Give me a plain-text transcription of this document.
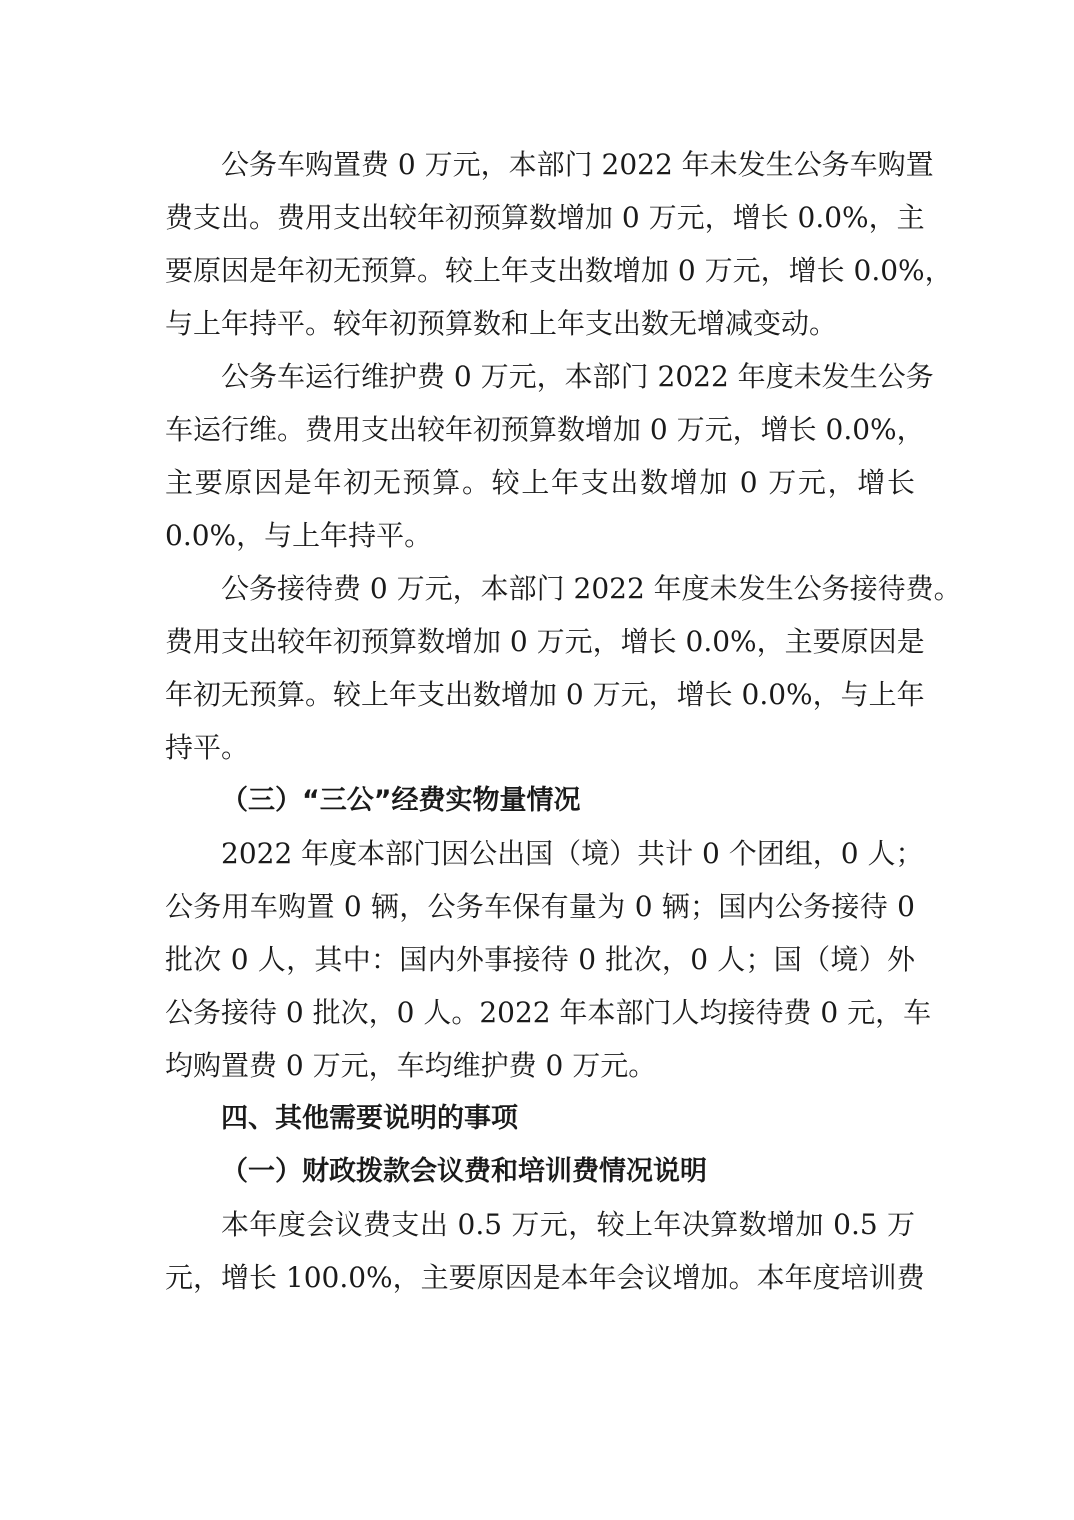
公务车购置费 0 万元，本部门 2022 年未发生公务车购置
费支出。费用支出较年初预算数增加 0 万元，增长 0.0%，主
要原因是年初无预算。较上年支出数增加 0 万元，增长 0.0%，
与上年持平。较年初预算数和上年支出数无增减变动。
公务车运行维护费 0 万元，本部门 2022 年度未发生公务
车运行维。费用支出较年初预算数增加 0 万元，增长 0.0%，
主要原因是年初无预算。较上年支出数增加 0 万元，增长
0.0%，与上年持平。
公务接待费 0 万元，本部门 2022 年度未发生公务接待费。
费用支出较年初预算数增加 0 万元，增长 0.0%，主要原因是
年初无预算。较上年支出数增加 0 万元，增长 0.0%，与上年
持平。
（三）“三公”经费实物量情况
2022 年度本部门因公出国（境）共计 0 个团组，0 人；
公务用车购置 0 辆，公务车保有量为 0 辆；国内公务接待 0
批次 0 人，其中：国内外事接待 0 批次，0 人；国（境）外
公务接待 0 批次，0 人。2022 年本部门人均接待费 0 元，车
均购置费 0 万元，车均维护费 0 万元。
四、其他需要说明的事项
（一）财政拨款会议费和培训费情况说明
本年度会议费支出 0.5 万元，较上年决算数增加 0.5 万
元，增长 100.0%，主要原因是本年会议增加。本年度培训费
